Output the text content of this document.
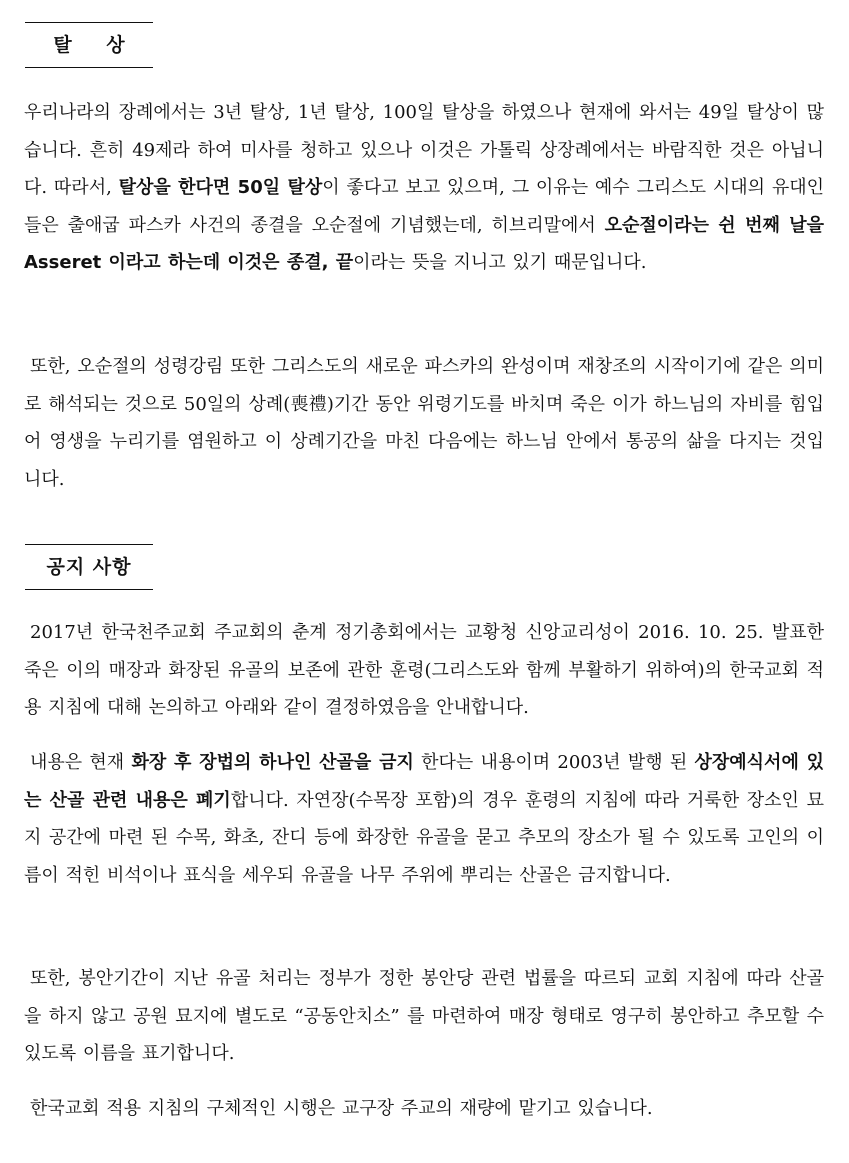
탈 상
우리나라의 장례에서는 3년 탈상, 1년 탈상, 100일 탈상을 하였으나 현재에 와서는 49일 탈상이 많습니다. 흔히 49제라 하여 미사를 청하고 있으나 이것은 가톨릭 상장례에서는 바람직한 것은 아닙니다. 따라서, 탈상을 한다면 50일 탈상이 좋다고 보고 있으며, 그 이유는 예수 그리스도 시대의 유대인들은 출애굽 파스카 사건의 종결을 오순절에 기념했는데, 히브리말에서 오순절이라는 쉰 번째 날을 Asseret 이라고 하는데 이것은 종결, 끝이라는 뜻을 지니고 있기 때문입니다.
또한, 오순절의 성령강림 또한 그리스도의 새로운 파스카의 완성이며 재창조의 시작이기에 같은 의미로 해석되는 것으로 50일의 상례(喪禮)기간 동안 위령기도를 바치며 죽은 이가 하느님의 자비를 힘입어 영생을 누리기를 염원하고 이 상례기간을 마친 다음에는 하느님 안에서 통공의 삶을 다지는 것입니다.
공지 사항
2017년 한국천주교회 주교회의 춘계 정기총회에서는 교황청 신앙교리성이 2016. 10. 25. 발표한 죽은 이의 매장과 화장된 유골의 보존에 관한 훈령(그리스도와 함께 부활하기 위하여)의 한국교회 적용 지침에 대해 논의하고 아래와 같이 결정하였음을 안내합니다.
내용은 현재 화장 후 장법의 하나인 산골을 금지 한다는 내용이며 2003년 발행 된 상장예식서에 있는 산골 관련 내용은 폐기합니다. 자연장(수목장 포함)의 경우 훈령의 지침에 따라 거룩한 장소인 묘지 공간에 마련 된 수목, 화초, 잔디 등에 화장한 유골을 묻고 추모의 장소가 될 수 있도록 고인의 이름이 적힌 비석이나 표식을 세우되 유골을 나무 주위에 뿌리는 산골은 금지합니다.
또한, 봉안기간이 지난 유골 처리는 정부가 정한 봉안당 관련 법률을 따르되 교회 지침에 따라 산골을 하지 않고 공원 묘지에 별도로 “공동안치소” 를 마련하여 매장 형태로 영구히 봉안하고 추모할 수 있도록 이름을 표기합니다.
한국교회 적용 지침의 구체적인 시행은 교구장 주교의 재량에 맡기고 있습니다.
